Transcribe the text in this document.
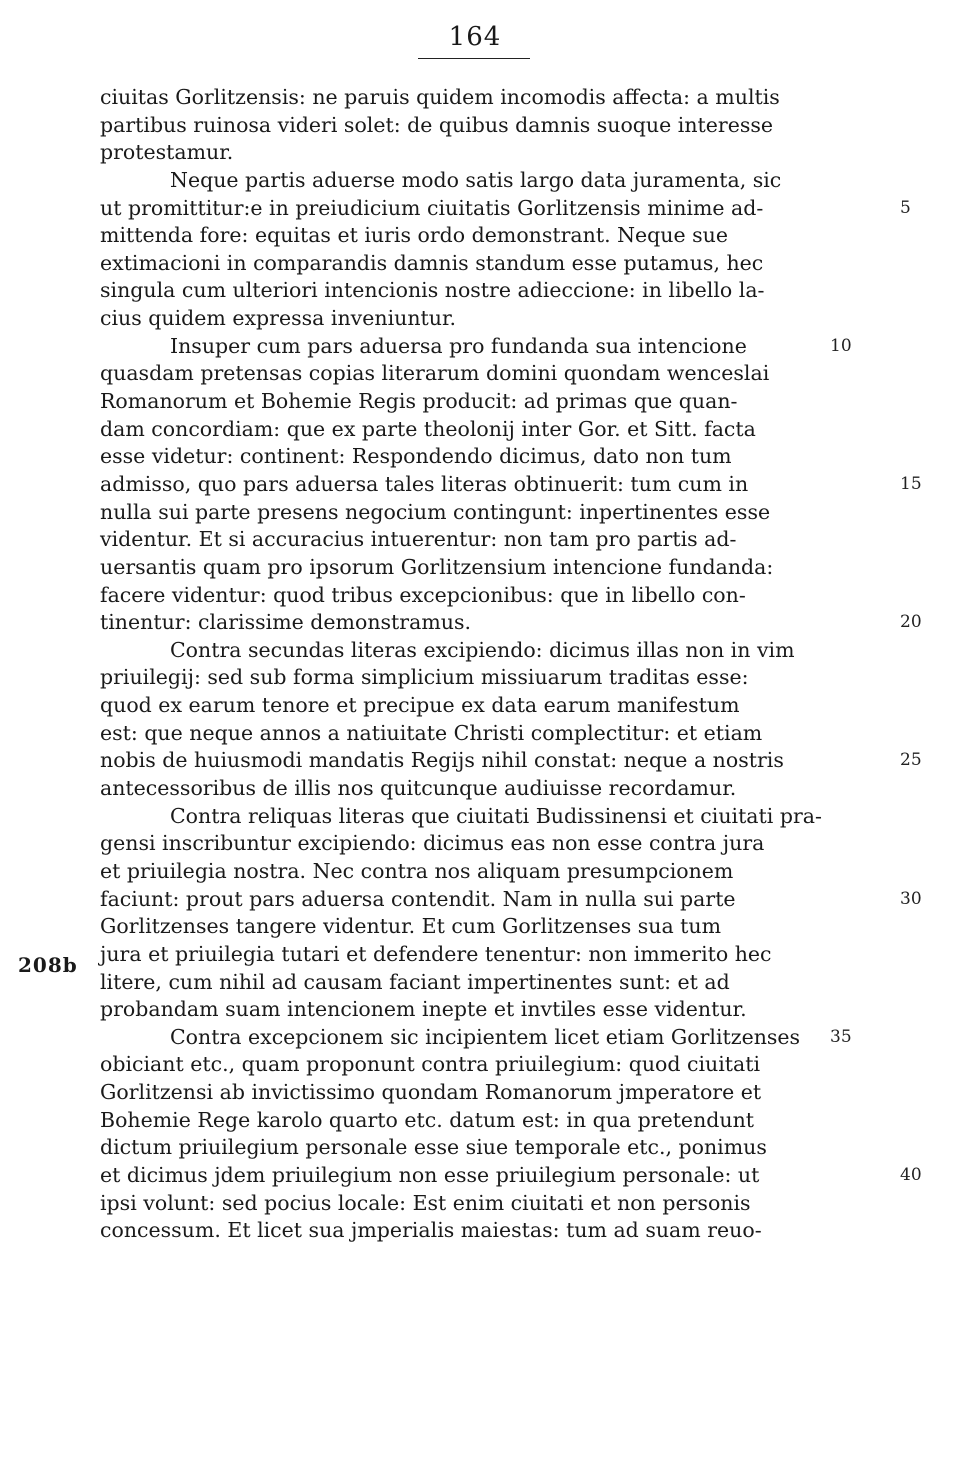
164
208b
ciuitas Gorlitzensis: ne paruis quidem incomodis affecta: a multis
partibus ruinosa videri solet: de quibus damnis suoque interesse
protestamur.
Neque partis aduerse modo satis largo data juramenta, sic
ut promittitur:e in preiudicium ciuitatis Gorlitzensis minime ad-	5
mittenda fore: equitas et iuris ordo demonstrant. Neque sue
extimacioni in comparandis damnis standum esse putamus, hec
singula cum ulteriori intencionis nostre adieccione: in libello la-
cius quidem expressa inveniuntur.
Insuper cum pars aduersa pro fundanda sua intencione	10
quasdam pretensas copias literarum domini quondam wenceslai
Romanorum et Bohemie Regis producit: ad primas que quan-
dam concordiam: que ex parte theolonij inter Gor. et Sitt. facta
esse videtur: continent: Respondendo dicimus, dato non tum
admisso, quo pars aduersa tales literas obtinuerit: tum cum in	15
nulla sui parte presens negocium contingunt: inpertinentes esse
videntur. Et si accuracius intuerentur: non tam pro partis ad-
uersantis quam pro ipsorum Gorlitzensium intencione fundanda:
facere videntur: quod tribus excepcionibus: que in libello con-
tinentur: clarissime demonstramus.	20
Contra secundas literas excipiendo: dicimus illas non in vim
priuilegij: sed sub forma simplicium missiuarum traditas esse:
quod ex earum tenore et precipue ex data earum manifestum
est: que neque annos a natiuitate Christi complectitur: et etiam
nobis de huiusmodi mandatis Regijs nihil constat: neque a nostris	25
antecessoribus de illis nos quitcunque audiuisse recordamur.
Contra reliquas literas que ciuitati Budissinensi et ciuitati pra-
gensi inscribuntur excipiendo: dicimus eas non esse contra jura
et priuilegia nostra. Nec contra nos aliquam presumpcionem
faciunt: prout pars aduersa contendit. Nam in nulla sui parte	30
Gorlitzenses tangere videntur. Et cum Gorlitzenses sua tum
jura et priuilegia tutari et defendere tenentur: non immerito hec
litere, cum nihil ad causam faciant impertinentes sunt: et ad
probandam suam intencionem inepte et invtiles esse videntur.
Contra excepcionem sic incipientem licet etiam Gorlitzenses 35
obiciant etc., quam proponunt contra priuilegium: quod ciuitati
Gorlitzensi ab invictissimo quondam Romanorum jmperatore et
Bohemie Rege karolo quarto etc. datum est: in qua pretendunt
dictum priuilegium personale esse siue temporale etc., ponimus
et dicimus jdem priuilegium non esse priuilegium personale: ut	40
ipsi volunt: sed pocius locale: Est enim ciuitati et non personis
concessum. Et licet sua jmperialis maiestas: tum ad suam reuo-
